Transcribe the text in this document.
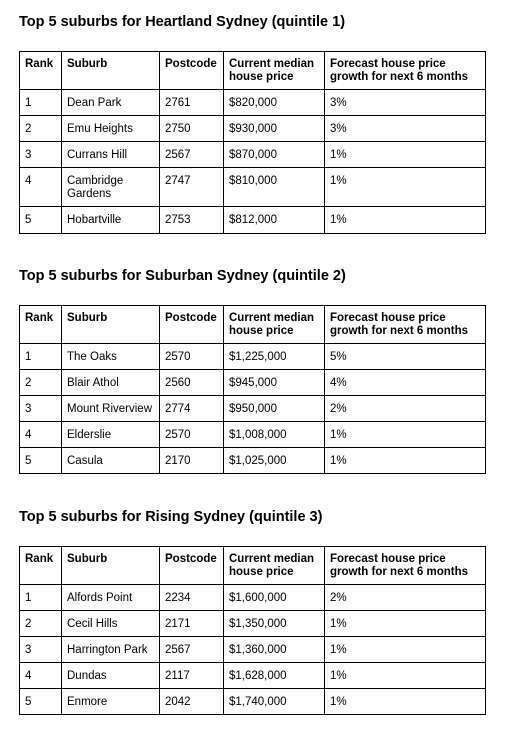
Top 5 suburbs for Heartland Sydney (quintile 1)
Rank	Suburb	Postcode	Current median house price	Forecast house price growth for next 6 months
1	Dean Park	2761	$820,000	3%
2	Emu Heights	2750	$930,000	3%
3	Currans Hill	2567	$870,000	1%
4	Cambridge Gardens	2747	$810,000	1%
5	Hobartville	2753	$812,000	1%
Top 5 suburbs for Suburban Sydney (quintile 2)
Rank	Suburb	Postcode	Current median house price	Forecast house price growth for next 6 months
1	The Oaks	2570	$1,225,000	5%
2	Blair Athol	2560	$945,000	4%
3	Mount Riverview	2774	$950,000	2%
4	Elderslie	2570	$1,008,000	1%
5	Casula	2170	$1,025,000	1%
Top 5 suburbs for Rising Sydney (quintile 3)
Rank	Suburb	Postcode	Current median house price	Forecast house price growth for next 6 months
1	Alfords Point	2234	$1,600,000	2%
2	Cecil Hills	2171	$1,350,000	1%
3	Harrington Park	2567	$1,360,000	1%
4	Dundas	2117	$1,628,000	1%
5	Enmore	2042	$1,740,000	1%
